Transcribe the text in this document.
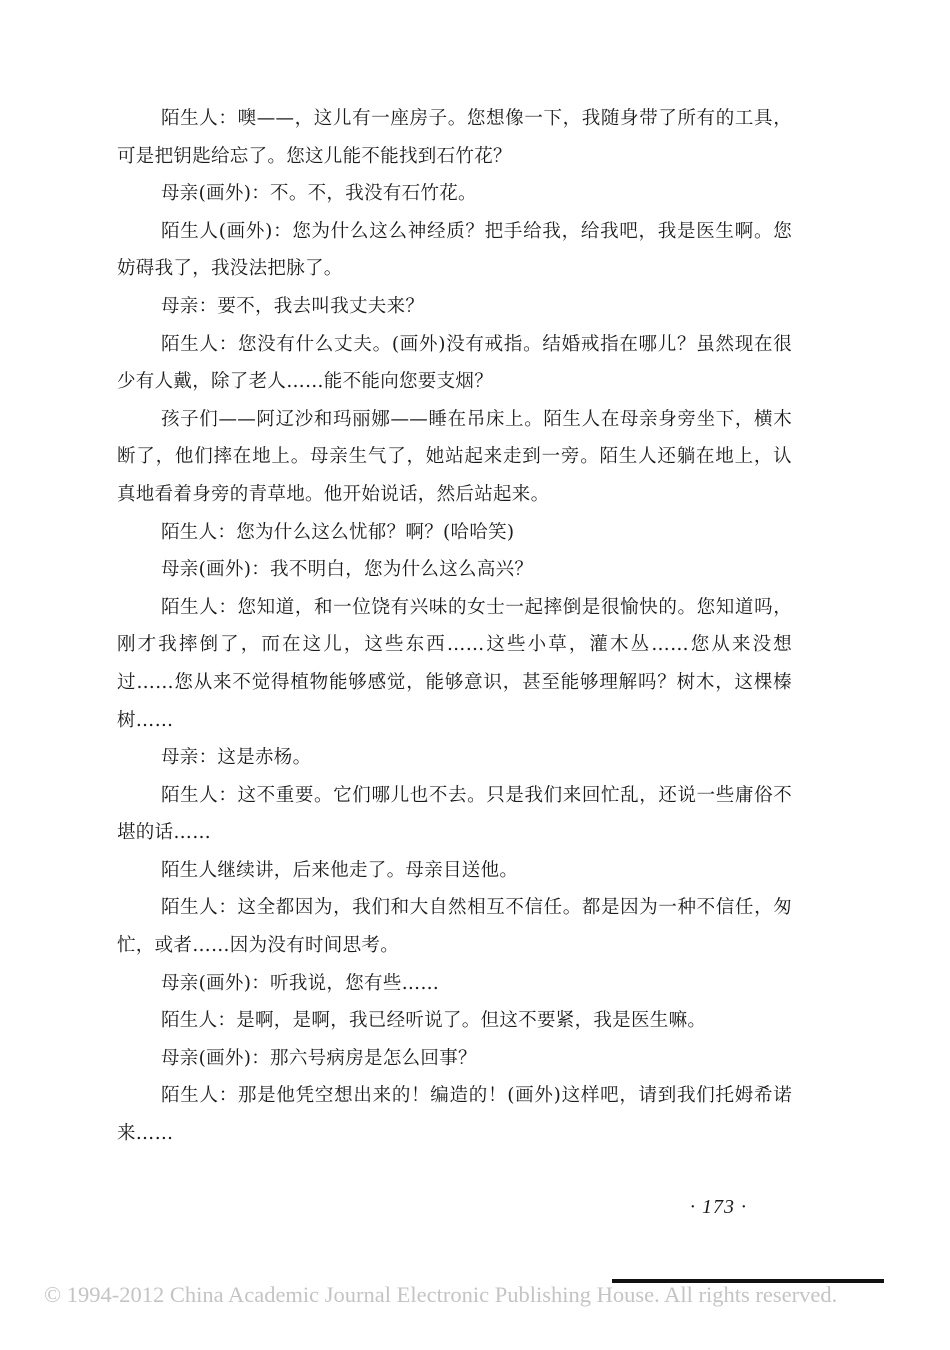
陌生人：噢——，这儿有一座房子。您想像一下，我随身带了所有的工具，可是把钥匙给忘了。您这儿能不能找到石竹花？

母亲(画外)：不。不，我没有石竹花。

陌生人(画外)：您为什么这么神经质？把手给我，给我吧，我是医生啊。您妨碍我了，我没法把脉了。

母亲：要不，我去叫我丈夫来？

陌生人：您没有什么丈夫。(画外)没有戒指。结婚戒指在哪儿？虽然现在很少有人戴，除了老人……能不能向您要支烟？

孩子们——阿辽沙和玛丽娜——睡在吊床上。陌生人在母亲身旁坐下，横木断了，他们摔在地上。母亲生气了，她站起来走到一旁。陌生人还躺在地上，认真地看着身旁的青草地。他开始说话，然后站起来。

陌生人：您为什么这么忧郁？啊？(哈哈笑)

母亲(画外)：我不明白，您为什么这么高兴？

陌生人：您知道，和一位饶有兴味的女士一起摔倒是很愉快的。您知道吗，刚才我摔倒了，而在这儿，这些东西……这些小草，灌木丛……您从来没想过……您从来不觉得植物能够感觉，能够意识，甚至能够理解吗？树木，这棵榛树……

母亲：这是赤杨。

陌生人：这不重要。它们哪儿也不去。只是我们来回忙乱，还说一些庸俗不堪的话……

陌生人继续讲，后来他走了。母亲目送他。

陌生人：这全都因为，我们和大自然相互不信任。都是因为一种不信任，匆忙，或者……因为没有时间思考。

母亲(画外)：听我说，您有些……

陌生人：是啊，是啊，我已经听说了。但这不要紧，我是医生嘛。

母亲(画外)：那六号病房是怎么回事？

陌生人：那是他凭空想出来的！编造的！(画外)这样吧，请到我们托姆希诺来……

· 173 ·
© 1994-2012 China Academic Journal Electronic Publishing House. All rights reserved.
